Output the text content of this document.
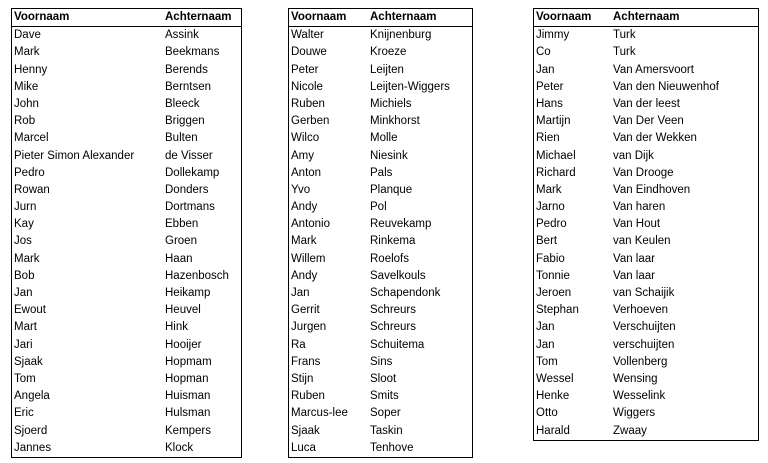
Voornaam	Achternaam
Dave	Assink
Mark	Beekmans
Henny	Berends
Mike	Berntsen
John	Bleeck
Rob	Briggen
Marcel	Bulten
Pieter Simon Alexander	de Visser
Pedro	Dollekamp
Rowan	Donders
Jurn	Dortmans
Kay	Ebben
Jos	Groen
Mark	Haan
Bob	Hazenbosch
Jan	Heikamp
Ewout	Heuvel
Mart	Hink
Jari	Hooijer
Sjaak	Hopmam
Tom	Hopman
Angela	Huisman
Eric	Hulsman
Sjoerd	Kempers
Jannes	Klock
Voornaam	Achternaam
Walter	Knijnenburg
Douwe	Kroeze
Peter	Leijten
Nicole	Leijten-Wiggers
Ruben	Michiels
Gerben	Minkhorst
Wilco	Molle
Amy	Niesink
Anton	Pals
Yvo	Planque
Andy	Pol
Antonio	Reuvekamp
Mark	Rinkema
Willem	Roelofs
Andy	Savelkouls
Jan	Schapendonk
Gerrit	Schreurs
Jurgen	Schreurs
Ra	Schuitema
Frans	Sins
Stijn	Sloot
Ruben	Smits
Marcus-lee	Soper
Sjaak	Taskin
Luca	Tenhove
Voornaam	Achternaam
Jimmy	Turk
Co	Turk
Jan	Van Amersvoort
Peter	Van den Nieuwenhof
Hans	Van der leest
Martijn	Van Der Veen
Rien	Van der Wekken
Michael	van Dijk
Richard	Van Drooge
Mark	Van Eindhoven
Jarno	Van haren
Pedro	Van Hout
Bert	van Keulen
Fabio	Van laar
Tonnie	Van laar
Jeroen	van Schaijik
Stephan	Verhoeven
Jan	Verschuijten
Jan	verschuijten
Tom	Vollenberg
Wessel	Wensing
Henke	Wesselink
Otto	Wiggers
Harald	Zwaay
